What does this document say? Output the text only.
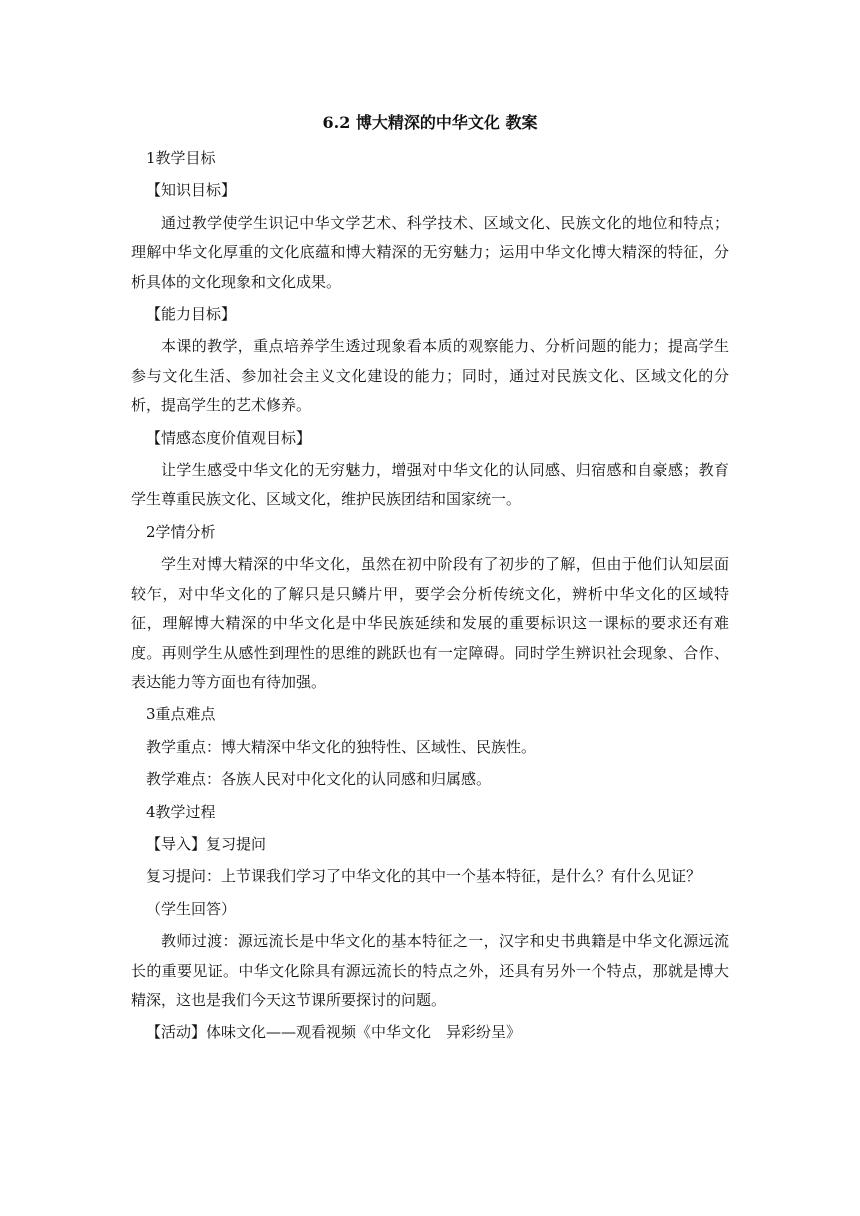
6.2 博大精深的中华文化 教案

1教学目标

【知识目标】

通过教学使学生识记中华文学艺术、科学技术、区域文化、民族文化的地位和特点；理解中华文化厚重的文化底蕴和博大精深的无穷魅力；运用中华文化博大精深的特征，分析具体的文化现象和文化成果。

【能力目标】

本课的教学，重点培养学生透过现象看本质的观察能力、分析问题的能力；提高学生参与文化生活、参加社会主义文化建设的能力；同时，通过对民族文化、区域文化的分析，提高学生的艺术修养。

【情感态度价值观目标】

让学生感受中华文化的无穷魅力，增强对中华文化的认同感、归宿感和自豪感；教育学生尊重民族文化、区域文化，维护民族团结和国家统一。

2学情分析

学生对博大精深的中华文化，虽然在初中阶段有了初步的了解，但由于他们认知层面较乍，对中华文化的了解只是只鳞片甲，要学会分析传统文化，辨析中华文化的区域特征，理解博大精深的中华文化是中华民族延续和发展的重要标识这一课标的要求还有难度。再则学生从感性到理性的思维的跳跃也有一定障碍。同时学生辨识社会现象、合作、表达能力等方面也有待加强。

3重点难点

教学重点：博大精深中华文化的独特性、区域性、民族性。

教学难点：各族人民对中化文化的认同感和归属感。

4教学过程

【导入】复习提问

复习提问：上节课我们学习了中华文化的其中一个基本特征，是什么？有什么见证？

（学生回答）

教师过渡：源远流长是中华文化的基本特征之一，汉字和史书典籍是中华文化源远流长的重要见证。中华文化除具有源远流长的特点之外，还具有另外一个特点，那就是博大精深，这也是我们今天这节课所要探讨的问题。

【活动】体味文化——观看视频《中华文化　异彩纷呈》
